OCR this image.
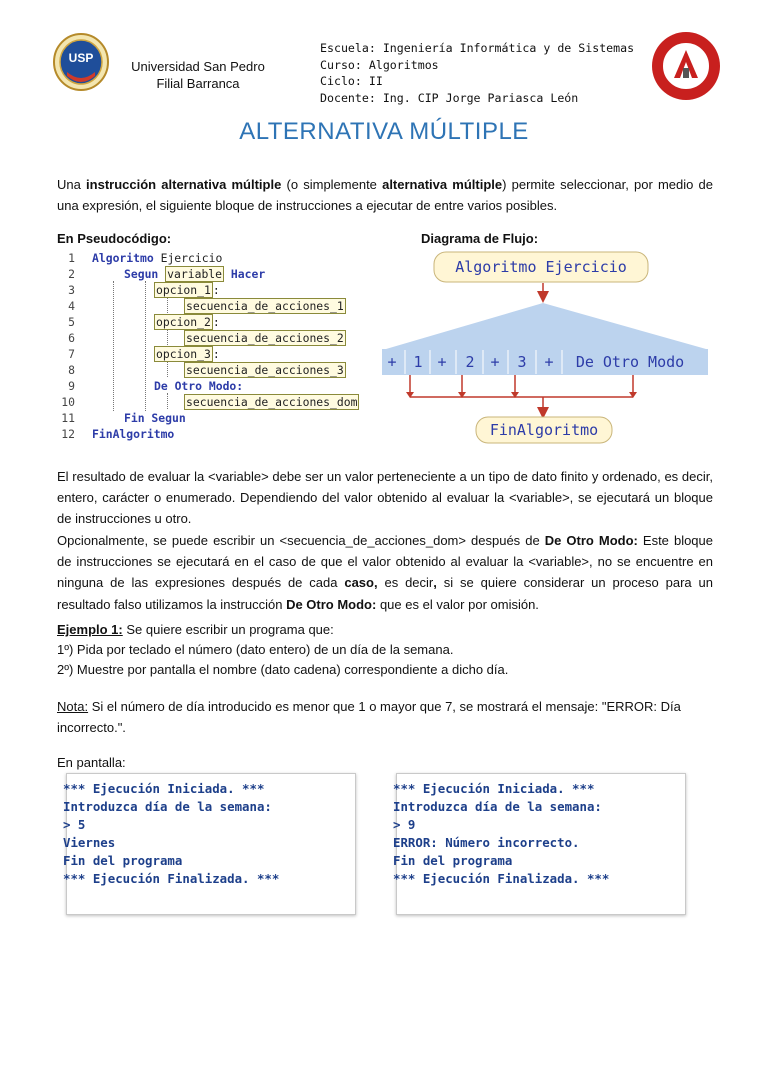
USP
Universidad San Pedro
Filial Barranca
Escuela: Ingeniería Informática y de Sistemas
Curso: Algoritmos
Ciclo: II
Docente: Ing. CIP Jorge Pariasca León
ALTERNATIVA MÚLTIPLE
Una instrucción alternativa múltiple (o simplemente alternativa múltiple) permite seleccionar, por medio de una expresión, el siguiente bloque de instrucciones a ejecutar de entre varios posibles.
En Pseudocódigo:	Diagrama de Flujo:
1
2
3
4
5
6
7
8
9
10
11
12
Algoritmo Ejercicio
Segun variable Hacer
opcion_1 :
secuencia_de_acciones_1
opcion_2 :
secuencia_de_acciones_2
opcion_3 :
secuencia_de_acciones_3
De Otro Modo:
secuencia_de_acciones_dom
Fin Segun
FinAlgoritmo
Algoritmo Ejercicio
+ 1 + 2 + 3 + De Otro Modo
FinAlgoritmo
El resultado de evaluar la <variable> debe ser un valor perteneciente a un tipo de dato finito y ordenado, es decir, entero, carácter o enumerado. Dependiendo del valor obtenido al evaluar la <variable>, se ejecutará un bloque de instrucciones u otro.
Opcionalmente, se puede escribir un <secuencia_de_acciones_dom> después de De Otro Modo: Este bloque de instrucciones se ejecutará en el caso de que el valor obtenido al evaluar la <variable>, no se encuentre en ninguna de las expresiones después de cada caso, es decir, si se quiere considerar un proceso para un resultado falso utilizamos la instrucción De Otro Modo: que es el valor por omisión.
Ejemplo 1: Se quiere escribir un programa que:
1º) Pida por teclado el número (dato entero) de un día de la semana.
2º) Muestre por pantalla el nombre (dato cadena) correspondiente a dicho día.
Nota: Si el número de día introducido es menor que 1 o mayor que 7, se mostrará el mensaje: "ERROR: Día incorrecto.".
En pantalla:
*** Ejecución Iniciada. ***
Introduzca día de la semana:
> 5
Viernes
Fin del programa
*** Ejecución Finalizada. ***
*** Ejecución Iniciada. ***
Introduzca día de la semana:
> 9
ERROR: Número incorrecto.
Fin del programa
*** Ejecución Finalizada. ***
